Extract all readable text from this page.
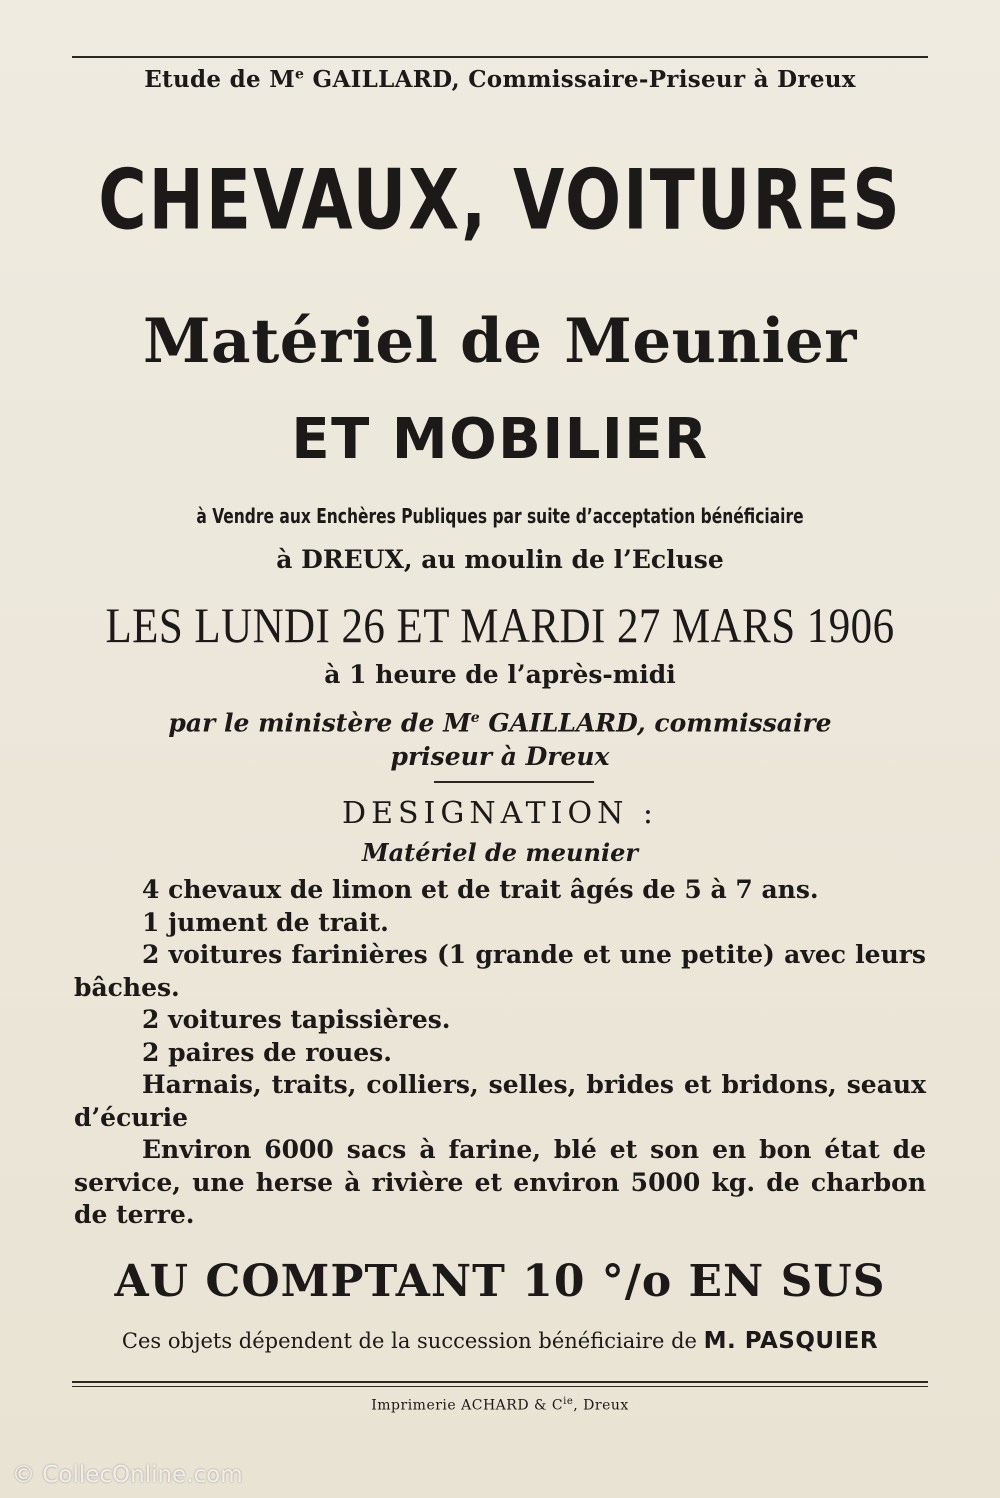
Etude de Me GAILLARD, Commissaire-Priseur à Dreux
CHEVAUX, VOITURES
Matériel de Meunier
ET MOBILIER
à Vendre aux Enchères Publiques par suite d’acceptation bénéficiaire
à DREUX, au moulin de l’Ecluse
LES LUNDI 26 ET MARDI 27 MARS 1906
à 1 heure de l’après-midi
par le ministère de Me GAILLARD, commissaire
priseur à Dreux
DESIGNATION :
Matériel de meunier

4 chevaux de limon et de trait âgés de 5 à 7 ans.

1 jument de trait.

2 voitures farinières (1 grande et une petite) avec leurs bâches.

2 voitures tapissières.

2 paires de roues.

Harnais, traits, colliers, selles, brides et bridons, seaux d’écurie

Environ 6000 sacs à farine, blé et son en bon état de service, une herse à rivière et environ 5000 kg. de charbon de terre.

AU COMPTANT 10 °/o EN SUS
Ces objets dépendent de la succession bénéficiaire de M. PASQUIER
Imprimerie ACHARD & $C^{ie}$, Dreux
© CollecOnline.com
